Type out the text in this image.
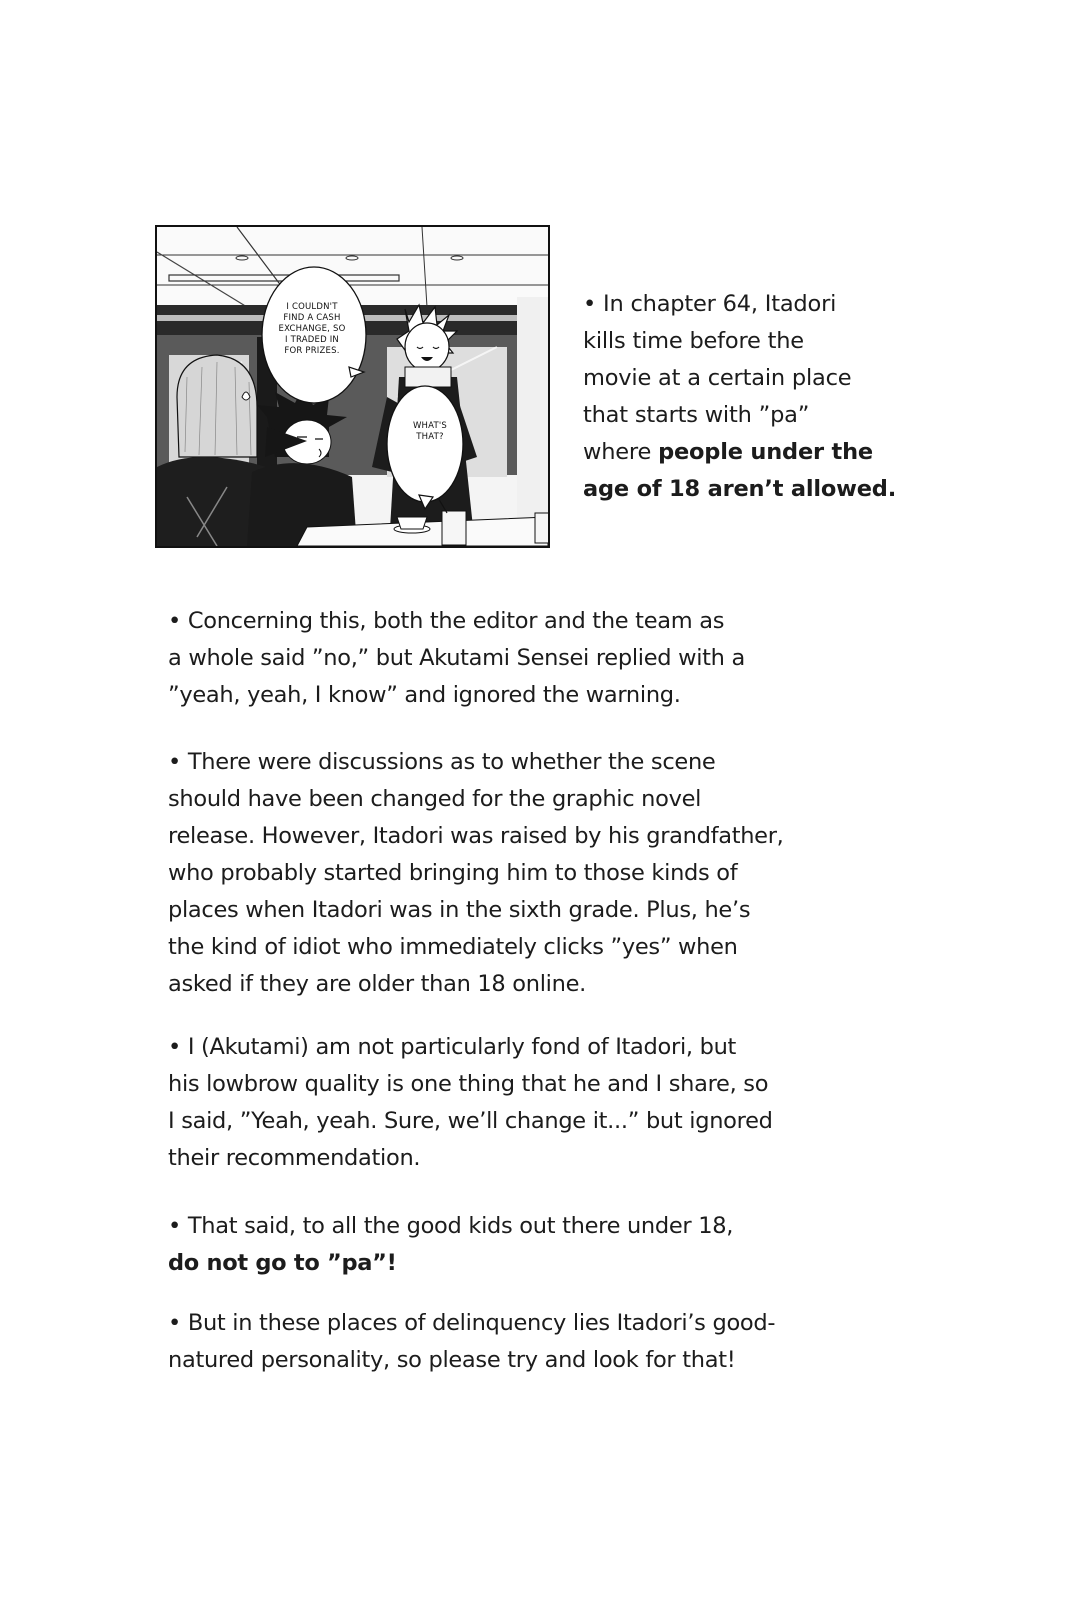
I COULDN'T
FIND A CASH
EXCHANGE, SO
I TRADED IN
FOR PRIZES.
WHAT'S
THAT?
• In chapter 64, Itadori
kills time before the
movie at a certain place
that starts with ”pa”
where people under the
age of 18 aren’t allowed.
• Concerning this, both the editor and the team as
a whole said ”no,” but Akutami Sensei replied with a
”yeah, yeah, I know” and ignored the warning.
• There were discussions as to whether the scene
should have been changed for the graphic novel
release. However, Itadori was raised by his grandfather,
who probably started bringing him to those kinds of
places when Itadori was in the sixth grade. Plus, he’s
the kind of idiot who immediately clicks ”yes” when
asked if they are older than 18 online.
• I (Akutami) am not particularly fond of Itadori, but
his lowbrow quality is one thing that he and I share, so
I said, ”Yeah, yeah. Sure, we’ll change it...” but ignored
their recommendation.
• That said, to all the good kids out there under 18,
do not go to ”pa”!
• But in these places of delinquency lies Itadori’s good-
natured personality, so please try and look for that!
